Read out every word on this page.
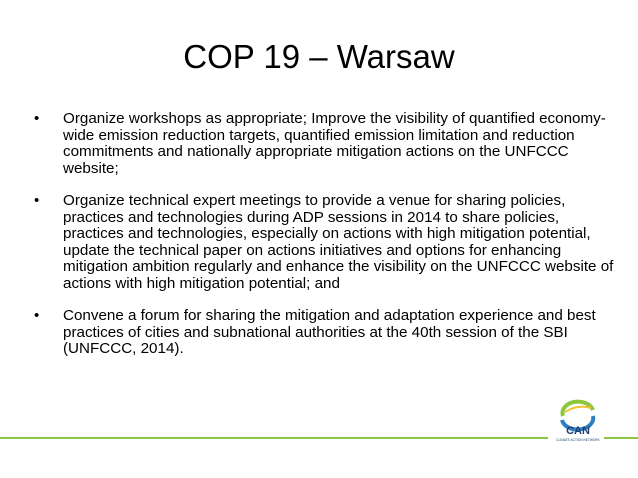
COP 19 – Warsaw
• Organize workshops as appropriate; Improve the visibility of quantified economy-wide emission reduction targets, quantified emission limitation and reduction commitments and nationally appropriate mitigation actions on the UNFCCC website;
• Organize technical expert meetings to provide a venue for sharing policies, practices and technologies during ADP sessions in 2014 to share policies, practices and technologies, especially on actions with high mitigation potential, update the technical paper on actions initiatives and options for enhancing mitigation ambition regularly and enhance the visibility on the UNFCCC website of actions with high mitigation potential; and
• Convene a forum for sharing the mitigation and adaptation experience and best practices of cities and subnational authorities at the 40th session of the SBI (UNFCCC, 2014).
CAN
CLIMATE ACTION NETWORK
